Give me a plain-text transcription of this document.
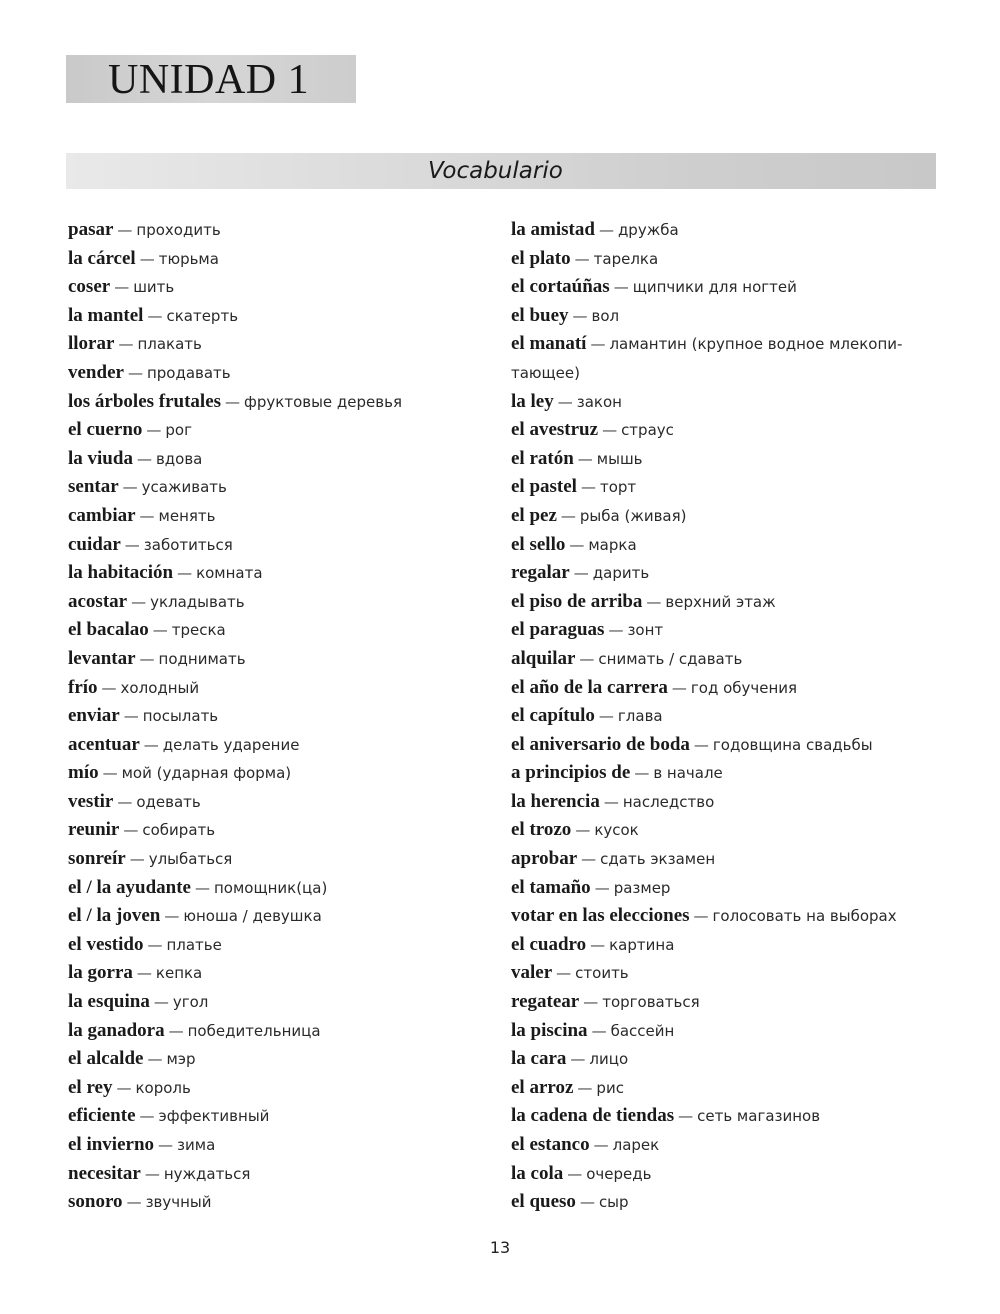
UNIDAD 1
Vocabulario
pasar — проходить
la cárcel — тюрьма
coser — шить
la mantel — скатерть
llorar — плакать
vender — продавать
los árboles frutales — фруктовые деревья
el cuerno — рог
la viuda — вдова
sentar — усаживать
cambiar — менять
cuidar — заботиться
la habitación — комната
acostar — укладывать
el bacalao — треска
levantar — поднимать
frío — холодный
enviar — посылать
acentuar — делать ударение
mío — мой (ударная форма)
vestir — одевать
reunir — собирать
sonreír — улыбаться
el / la ayudante — помощник(ца)
el / la joven — юноша / девушка
el vestido — платье
la gorra — кепка
la esquina — угол
la ganadora — победительница
el alcalde — мэр
el rey — король
eficiente — эффективный
el invierno — зима
necesitar — нуждаться
sonoro — звучный
la amistad — дружба
el plato — тарелка
el cortaúñas — щипчики для ногтей
el buey — вол
el manatí — ламантин (крупное водное млекопи-
тающее)
la ley — закон
el avestruz — страус
el ratón — мышь
el pastel — торт
el pez — рыба (живая)
el sello — марка
regalar — дарить
el piso de arriba — верхний этаж
el paraguas — зонт
alquilar — снимать / сдавать
el año de la carrera — год обучения
el capítulo — глава
el aniversario de boda — годовщина свадьбы
a principios de — в начале
la herencia — наследство
el trozo — кусок
aprobar — сдать экзамен
el tamaño — размер
votar en las elecciones — голосовать на выборах
el cuadro — картина
valer — стоить
regatear — торговаться
la piscina — бассейн
la cara — лицо
el arroz — рис
la cadena de tiendas — сеть магазинов
el estanco — ларек
la cola — очередь
el queso — сыр
13
